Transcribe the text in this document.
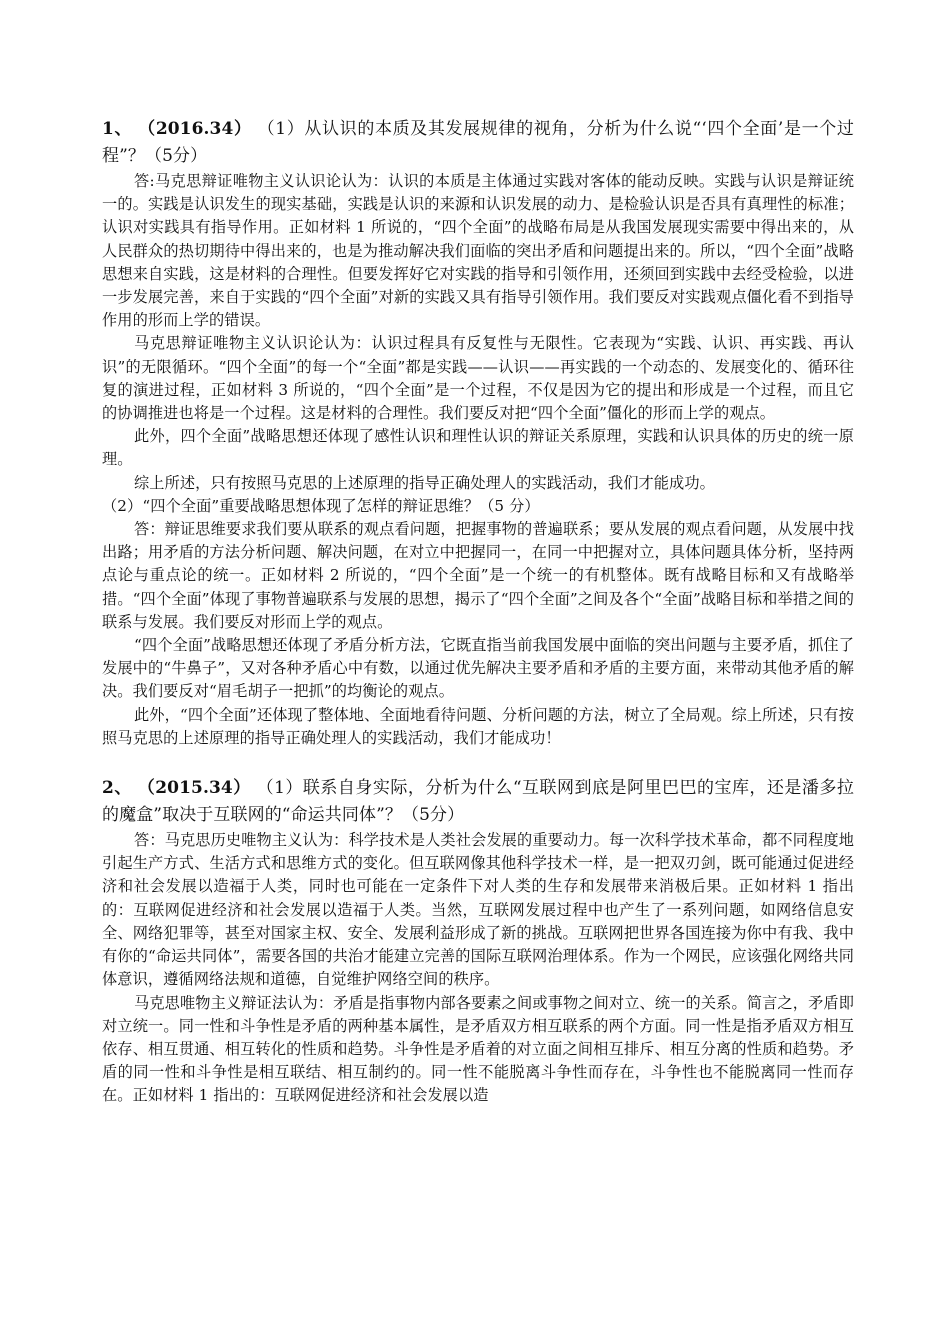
1、 （2016.34） （1）从认识的本质及其发展规律的视角，分析为什么说“‘四个全面’是一个过程”？（5分）

答:马克思辩证唯物主义认识论认为：认识的本质是主体通过实践对客体的能动反映。实践与认识是辩证统一的。实践是认识发生的现实基础，实践是认识的来源和认识发展的动力、是检验认识是否具有真理性的标准；认识对实践具有指导作用。正如材料 1 所说的，“四个全面”的战略布局是从我国发展现实需要中得出来的，从人民群众的热切期待中得出来的，也是为推动解决我们面临的突出矛盾和问题提出来的。所以，“四个全面”战略思想来自实践，这是材料的合理性。但要发挥好它对实践的指导和引领作用，还须回到实践中去经受检验，以进一步发展完善，来自于实践的“四个全面”对新的实践又具有指导引领作用。我们要反对实践观点僵化看不到指导作用的形而上学的错误。

马克思辩证唯物主义认识论认为：认识过程具有反复性与无限性。它表现为“实践、认识、再实践、再认识”的无限循环。“四个全面”的每一个“全面”都是实践——认识——再实践的一个动态的、发展变化的、循环往复的演进过程，正如材料 3 所说的，“四个全面”是一个过程，不仅是因为它的提出和形成是一个过程，而且它的协调推进也将是一个过程。这是材料的合理性。我们要反对把“四个全面”僵化的形而上学的观点。

此外，四个全面”战略思想还体现了感性认识和理性认识的辩证关系原理，实践和认识具体的历史的统一原理。

综上所述，只有按照马克思的上述原理的指导正确处理人的实践活动，我们才能成功。

（2）“四个全面”重要战略思想体现了怎样的辩证思维？（5 分）

答：辩证思维要求我们要从联系的观点看问题，把握事物的普遍联系；要从发展的观点看问题，从发展中找出路；用矛盾的方法分析问题、解决问题，在对立中把握同一，在同一中把握对立，具体问题具体分析，坚持两点论与重点论的统一。正如材料 2 所说的，“四个全面”是一个统一的有机整体。既有战略目标和又有战略举措。“四个全面”体现了事物普遍联系与发展的思想，揭示了“四个全面”之间及各个“全面”战略目标和举措之间的联系与发展。我们要反对形而上学的观点。

“四个全面”战略思想还体现了矛盾分析方法，它既直指当前我国发展中面临的突出问题与主要矛盾，抓住了发展中的“牛鼻子”，又对各种矛盾心中有数，以通过优先解决主要矛盾和矛盾的主要方面，来带动其他矛盾的解决。我们要反对“眉毛胡子一把抓”的均衡论的观点。

此外，“四个全面”还体现了整体地、全面地看待问题、分析问题的方法，树立了全局观。综上所述，只有按照马克思的上述原理的指导正确处理人的实践活动，我们才能成功！

2、 （2015.34） （1）联系自身实际，分析为什么“互联网到底是阿里巴巴的宝库，还是潘多拉的魔盒”取决于互联网的“命运共同体”？（5分）

答：马克思历史唯物主义认为：科学技术是人类社会发展的重要动力。每一次科学技术革命，都不同程度地引起生产方式、生活方式和思维方式的变化。但互联网像其他科学技术一样，是一把双刃剑，既可能通过促进经济和社会发展以造福于人类，同时也可能在一定条件下对人类的生存和发展带来消极后果。正如材料 1 指出的：互联网促进经济和社会发展以造福于人类。当然，互联网发展过程中也产生了一系列问题，如网络信息安全、网络犯罪等，甚至对国家主权、安全、发展利益形成了新的挑战。互联网把世界各国连接为你中有我、我中有你的“命运共同体”，需要各国的共治才能建立完善的国际互联网治理体系。作为一个网民，应该强化网络共同体意识，遵循网络法规和道德，自觉维护网络空间的秩序。

马克思唯物主义辩证法认为：矛盾是指事物内部各要素之间或事物之间对立、统一的关系。简言之，矛盾即对立统一。同一性和斗争性是矛盾的两种基本属性，是矛盾双方相互联系的两个方面。同一性是指矛盾双方相互依存、相互贯通、相互转化的性质和趋势。斗争性是矛盾着的对立面之间相互排斥、相互分离的性质和趋势。矛盾的同一性和斗争性是相互联结、相互制约的。同一性不能脱离斗争性而存在，斗争性也不能脱离同一性而存在。正如材料 1 指出的：互联网促进经济和社会发展以造
